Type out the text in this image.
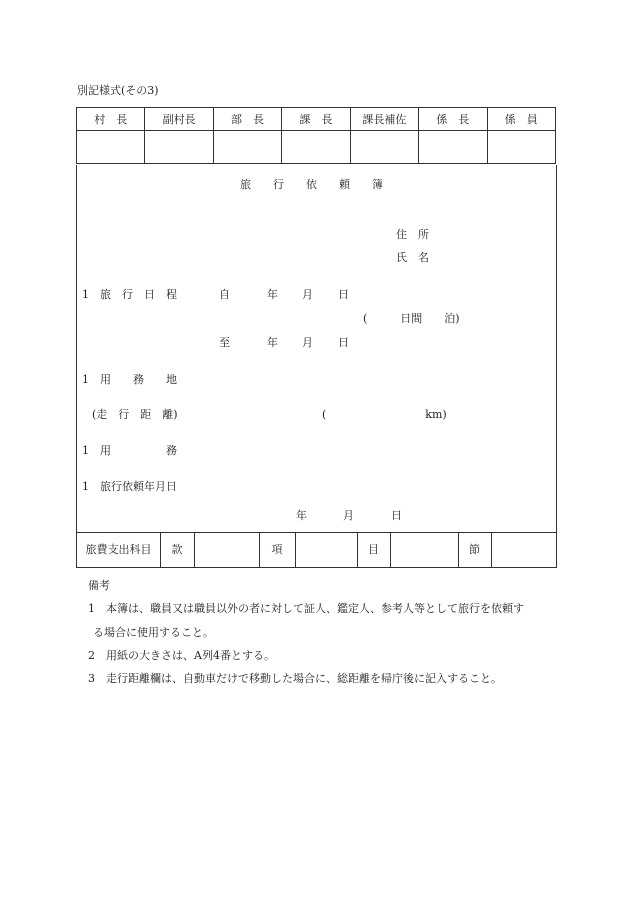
別記様式(その3)
村　長	副村長	部　長	課　長	課長補佐	係　長	係　員

旅費支出科目	款	項	目	節
旅　　行　　依　　頼　　簿
住　所
氏　名
1　旅　行　日　程	自	年 月 日
(　　　日間　　泊)
至	年 月 日
1　用　　務　　地
(走　行　距　離)	(　　　　　　　　　km)
1　用　　　　　務
1　旅行依頼年月日
年	月	日
備考
1　本簿は、職員又は職員以外の者に対して証人、鑑定人、参考人等として旅行を依頼す
る場合に使用すること。
2　用紙の大きさは、A列4番とする。
3　走行距離欄は、自動車だけで移動した場合に、総距離を帰庁後に記入すること。
